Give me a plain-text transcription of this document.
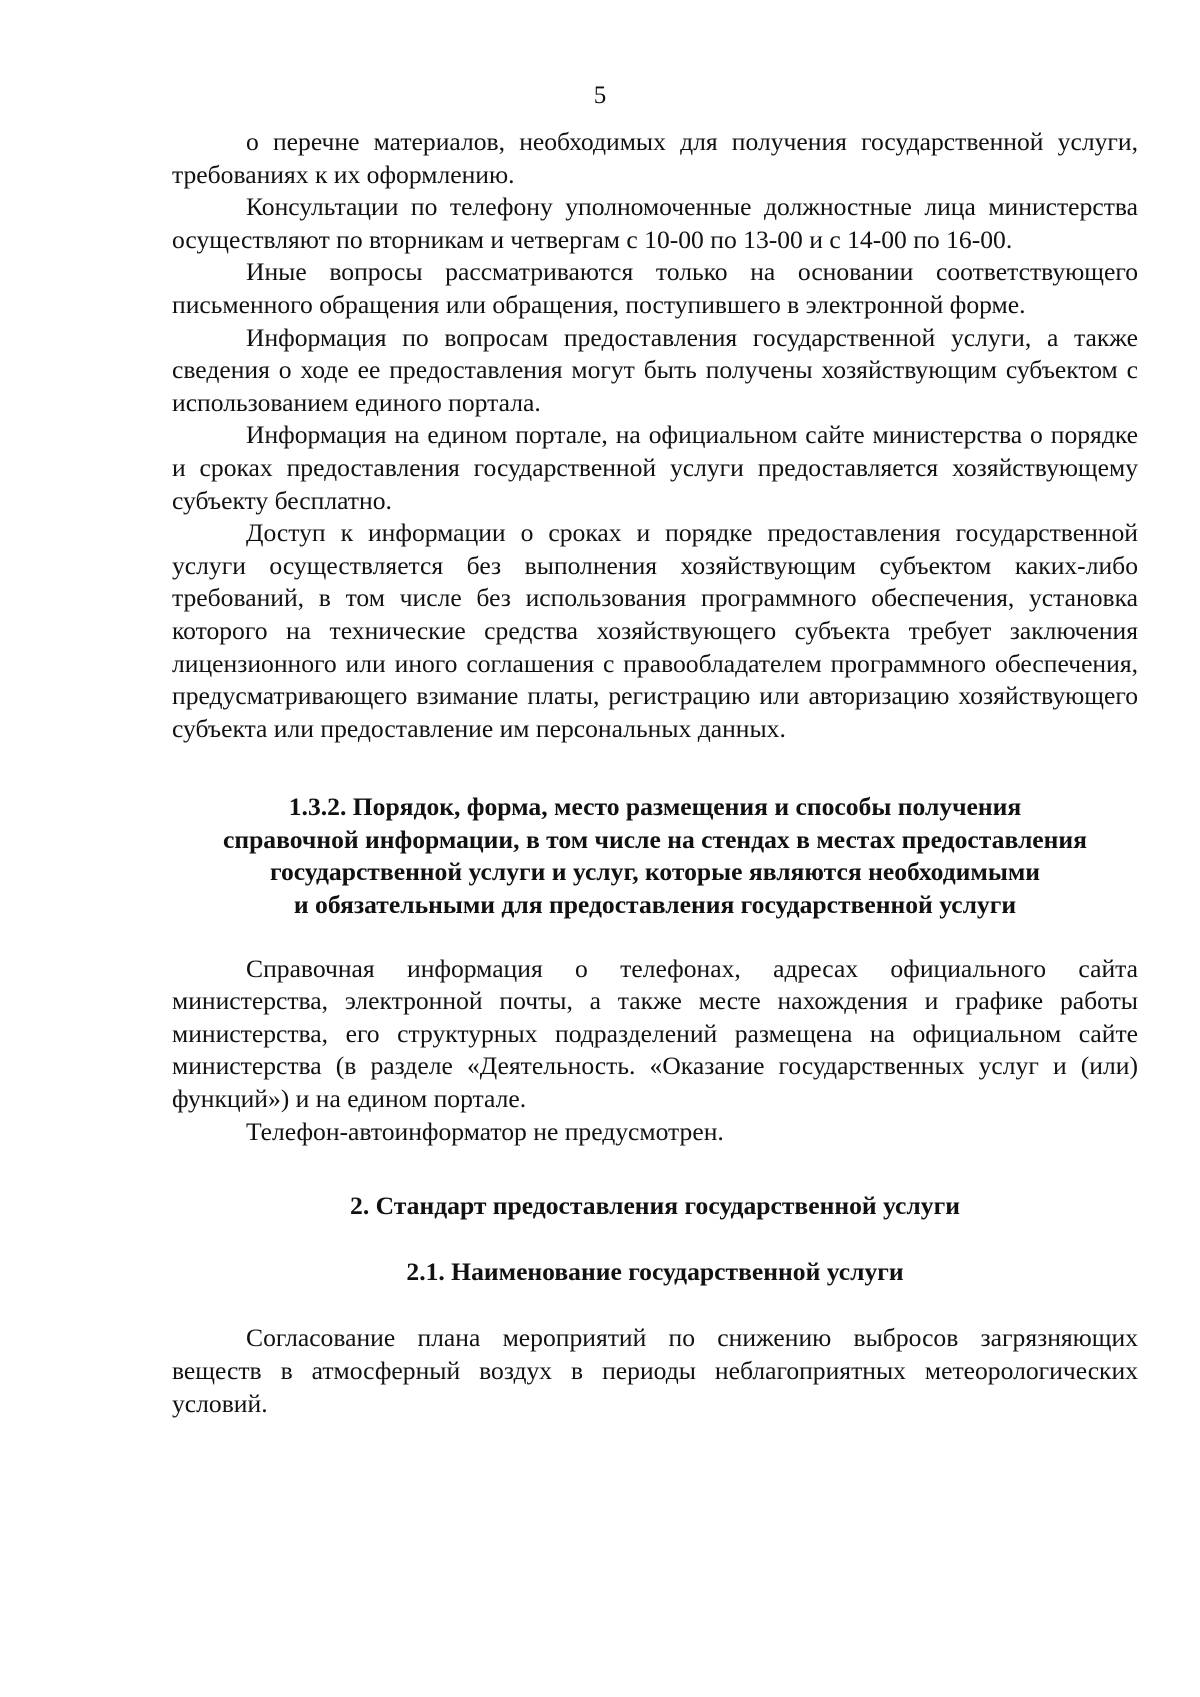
5

о перечне материалов, необходимых для получения государственной услуги, требованиях к их оформлению.

Консультации по телефону уполномоченные должностные лица министерства осуществляют по вторникам и четвергам с 10-00 по 13-00 и с 14-00 по 16-00.

Иные вопросы рассматриваются только на основании соответствующего письменного обращения или обращения, поступившего в электронной форме.

Информация по вопросам предоставления государственной услуги, а также сведения о ходе ее предоставления могут быть получены хозяйствующим субъектом с использованием единого портала.

Информация на едином портале, на официальном сайте министерства о порядке и сроках предоставления государственной услуги предоставляется хозяйствующему субъекту бесплатно.

Доступ к информации о сроках и порядке предоставления государственной услуги осуществляется без выполнения хозяйствующим субъектом каких-либо требований, в том числе без использования программного обеспечения, установка которого на технические средства хозяйствующего субъекта требует заключения лицензионного или иного соглашения с правообладателем программного обеспечения, предусматривающего взимание платы, регистрацию или авторизацию хозяйствующего субъекта или предоставление им персональных данных.

1.3.2. Порядок, форма, место размещения и способы получения
справочной информации, в том числе на стендах в местах предоставления
государственной услуги и услуг, которые являются необходимыми
и обязательными для предоставления государственной услуги

Справочная информация о телефонах, адресах официального сайта министерства, электронной почты, а также месте нахождения и графике работы министерства, его структурных подразделений размещена на официальном сайте министерства (в разделе «Деятельность. «Оказание государственных услуг и (или) функций») и на едином портале.

Телефон-автоинформатор не предусмотрен.

2. Стандарт предоставления государственной услуги
2.1. Наименование государственной услуги

Согласование плана мероприятий по снижению выбросов загрязняющих веществ в атмосферный воздух в периоды неблагоприятных метеорологических условий.
